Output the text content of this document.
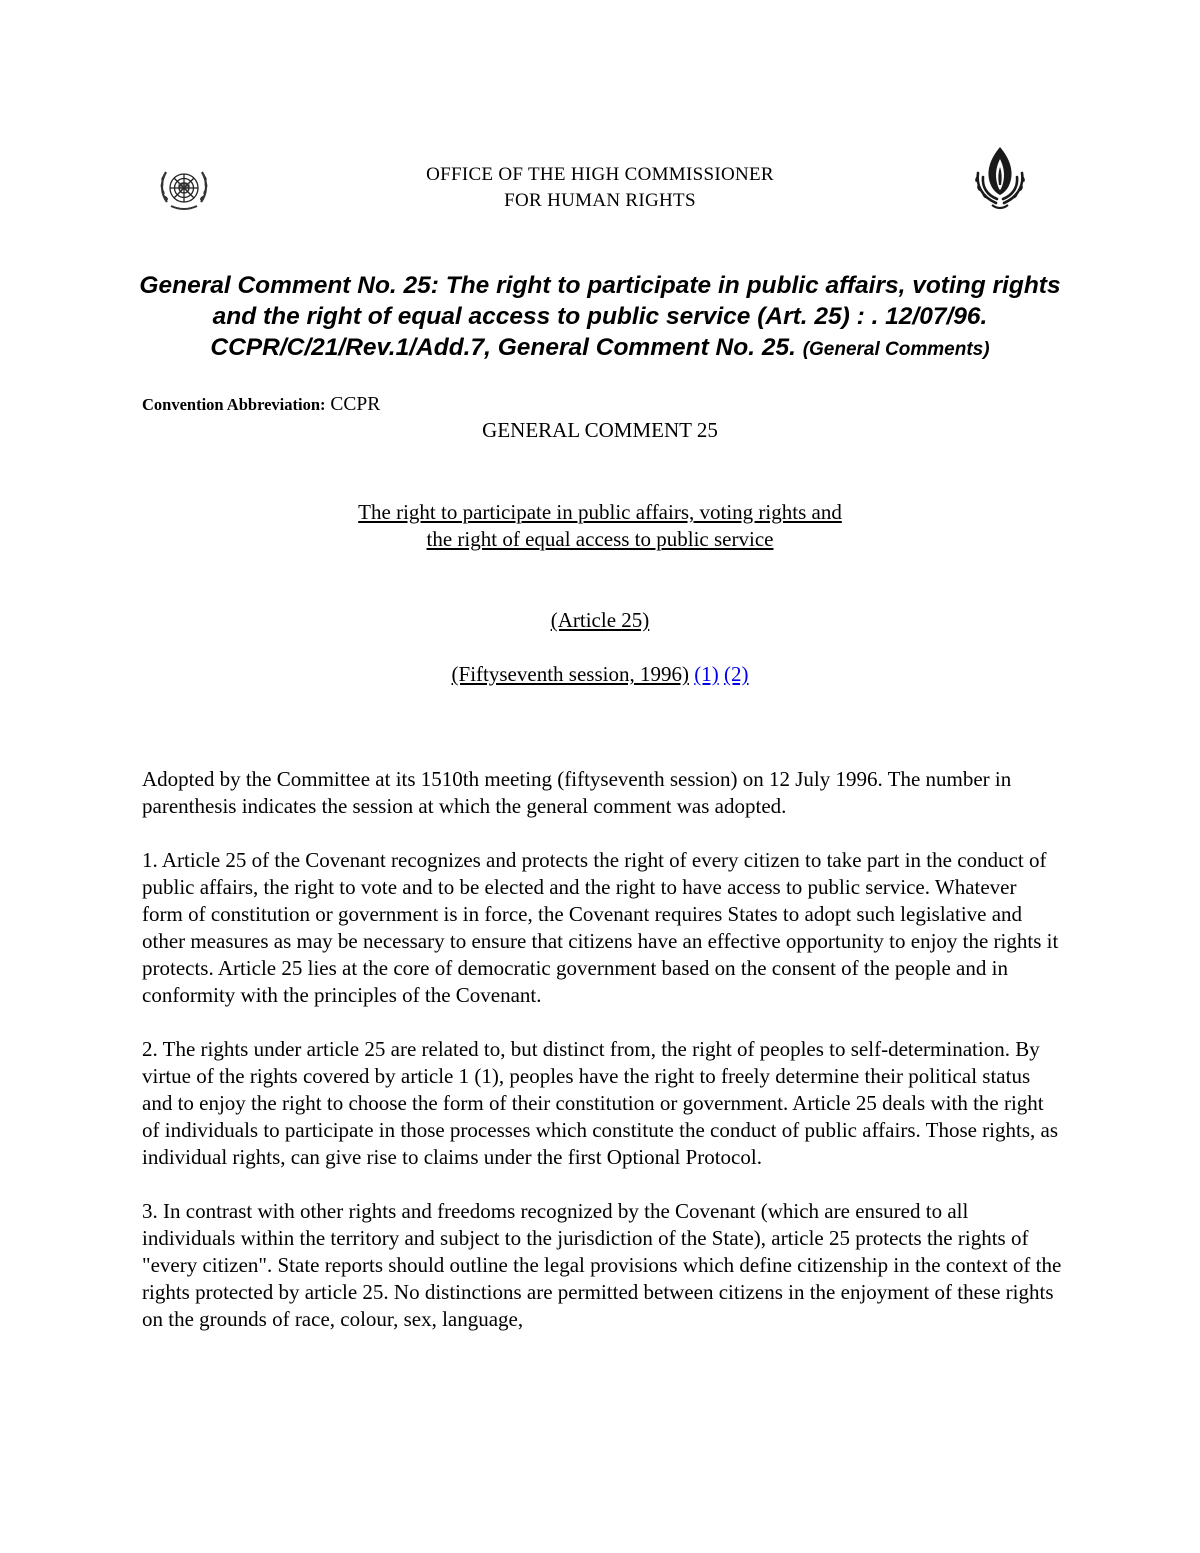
OFFICE OF THE HIGH COMMISSIONER
FOR HUMAN RIGHTS
General Comment No. 25: The right to participate in public affairs, voting rights and the right of equal access to public service (Art. 25) : . 12/07/96. CCPR/C/21/Rev.1/Add.7, General Comment No. 25. (General Comments)
Convention Abbreviation: CCPR
GENERAL COMMENT 25
The right to participate in public affairs, voting rights and
the right of equal access to public service
(Article 25)
(Fiftyseventh session, 1996) (1) (2)

Adopted by the Committee at its 1510th meeting (fiftyseventh session) on 12 July 1996. The number in parenthesis indicates the session at which the general comment was adopted.

1. Article 25 of the Covenant recognizes and protects the right of every citizen to take part in the conduct of public affairs, the right to vote and to be elected and the right to have access to public service. Whatever form of constitution or government is in force, the Covenant requires States to adopt such legislative and other measures as may be necessary to ensure that citizens have an effective opportunity to enjoy the rights it protects. Article 25 lies at the core of democratic government based on the consent of the people and in conformity with the principles of the Covenant.

2. The rights under article 25 are related to, but distinct from, the right of peoples to self-determination. By virtue of the rights covered by article 1 (1), peoples have the right to freely determine their political status and to enjoy the right to choose the form of their constitution or government. Article 25 deals with the right of individuals to participate in those processes which constitute the conduct of public affairs. Those rights, as individual rights, can give rise to claims under the first Optional Protocol.

3. In contrast with other rights and freedoms recognized by the Covenant (which are ensured to all individuals within the territory and subject to the jurisdiction of the State), article 25 protects the rights of "every citizen". State reports should outline the legal provisions which define citizenship in the context of the rights protected by article 25. No distinctions are permitted between citizens in the enjoyment of these rights on the grounds of race, colour, sex, language,
